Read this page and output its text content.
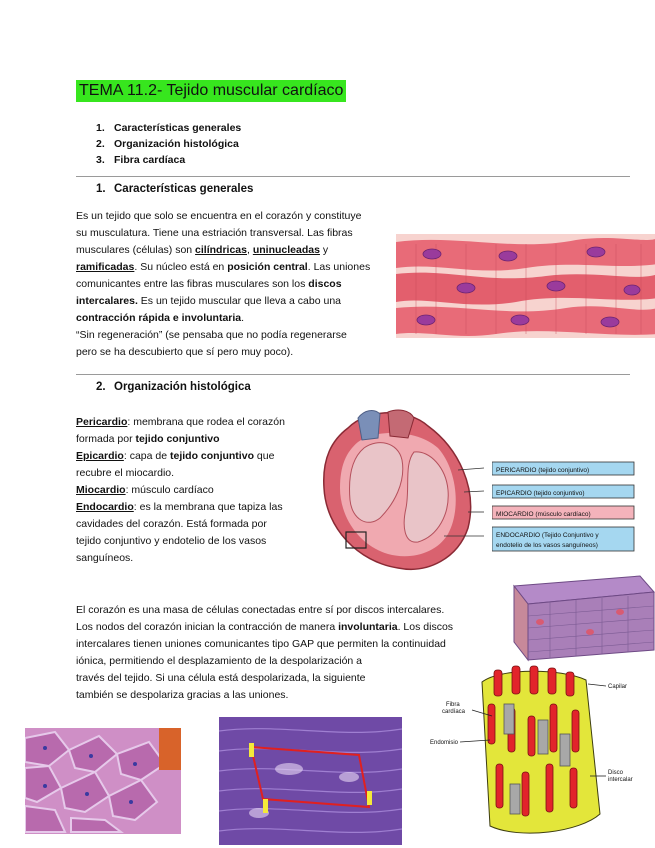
TEMA 11.2- Tejido muscular cardíaco
1. Características generales
2. Organización histológica
3. Fibra cardíaca
1. Características generales
Es un tejido que solo se encuentra en el corazón y constituye
su musculatura. Tiene una estriación transversal. Las fibras
musculares (células) son cilíndricas, uninucleadas y
ramificadas. Su núcleo está en posición central. Las uniones
comunicantes entre las fibras musculares son los discos
intercalares. Es un tejido muscular que lleva a cabo una
contracción rápida e involuntaria.
“Sin regeneración” (se pensaba que no podía regenerarse
pero se ha descubierto que sí pero muy poco).
2. Organización histológica
Pericardio: membrana que rodea el corazón
formada por tejido conjuntivo
Epicardio: capa de tejido conjuntivo que
recubre el miocardio.
Miocardio: músculo cardíaco
Endocardio: es la membrana que tapiza las
cavidades del corazón. Está formada por
tejido conjuntivo y endotelio de los vasos
sanguíneos.
PERICARDIO (tejido conjuntivo)
EPICARDIO (tejido conjuntivo)
MIOCARDIO (músculo cardíaco)
ENDOCARDIO (Tejido Conjuntivo y
endotelio de los vasos sanguíneos)
El corazón es una masa de células conectadas entre sí por discos intercalares.
Los nodos del corazón inician la contracción de manera involuntaria. Los discos
intercalares tienen uniones comunicantes tipo GAP que permiten la continuidad
iónica, permitiendo el desplazamiento de la despolarización a
través del tejido. Si una célula está despolarizada, la siguiente
también se despolariza gracias a las uniones.
Capilar
Fibra
cardíaca
Endomisio
Disco
intercalar
